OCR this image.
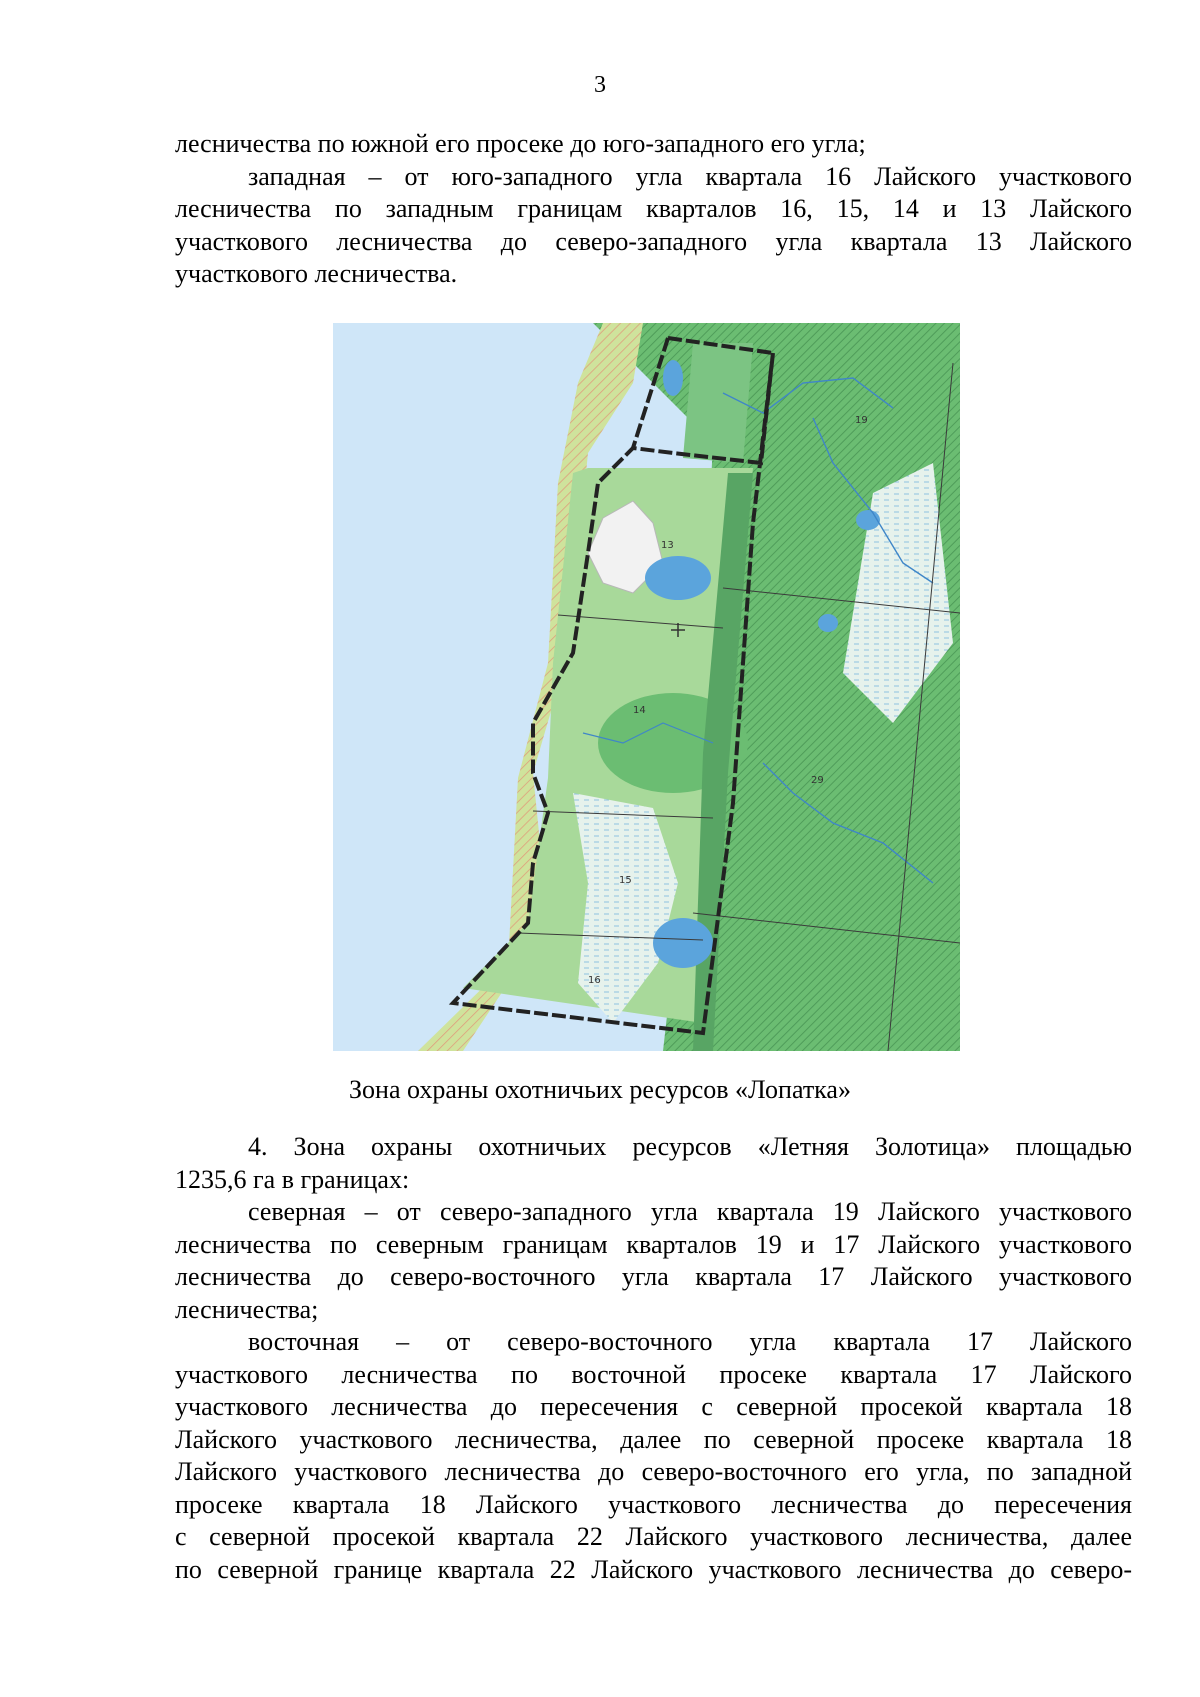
3
лесничества по южной его просеке до юго-западного его угла;
западная – от юго-западного угла квартала 16 Лайского участкового
лесничества по западным границам кварталов 16, 15, 14 и 13 Лайского
участкового лесничества до северо-западного угла квартала 13 Лайского
участкового лесничества.
13
14
15
16
19
29
Зона охраны охотничьих ресурсов «Лопатка»
4. Зона охраны охотничьих ресурсов «Летняя Золотица» площадью
1235,6 га в границах:
северная – от северо-западного угла квартала 19 Лайского участкового
лесничества по северным границам кварталов 19 и 17 Лайского участкового
лесничества до северо-восточного угла квартала 17 Лайского участкового
лесничества;
восточная – от северо-восточного угла квартала 17 Лайского
участкового лесничества по восточной просеке квартала 17 Лайского
участкового лесничества до пересечения с северной просекой квартала 18
Лайского участкового лесничества, далее по северной просеке квартала 18
Лайского участкового лесничества до северо-восточного его угла, по западной
просеке квартала 18 Лайского участкового лесничества до пересечения
с северной просекой квартала 22 Лайского участкового лесничества, далее
по северной границе квартала 22 Лайского участкового лесничества до северо-
